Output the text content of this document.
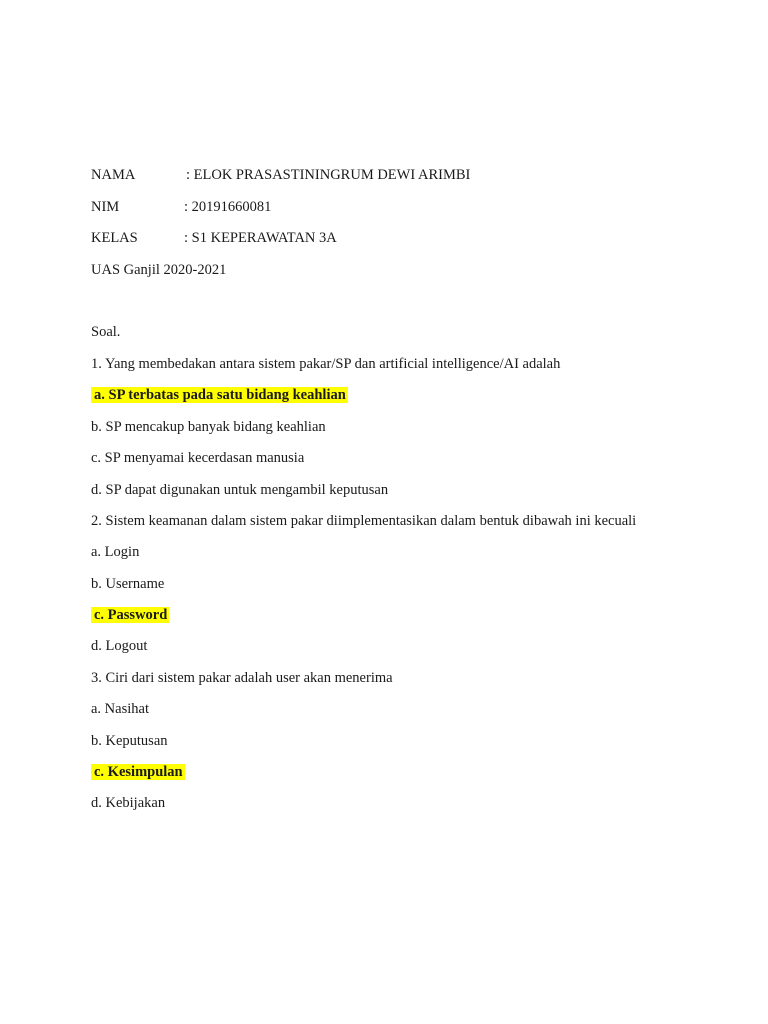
NAMA	: ELOK PRASASTININGRUM DEWI ARIMBI
NIM	: 20191660081
KELAS	: S1 KEPERAWATAN 3A
UAS Ganjil 2020-2021
Soal.
1. Yang membedakan antara sistem pakar/SP dan artificial intelligence/AI adalah
a. SP terbatas pada satu bidang keahlian
b. SP mencakup banyak bidang keahlian
c. SP menyamai kecerdasan manusia
d. SP dapat digunakan untuk mengambil keputusan
2. Sistem keamanan dalam sistem pakar diimplementasikan dalam bentuk dibawah ini kecuali
a. Login
b. Username
c. Password
d. Logout
3. Ciri dari sistem pakar adalah user akan menerima
a. Nasihat
b. Keputusan
c. Kesimpulan
d. Kebijakan
